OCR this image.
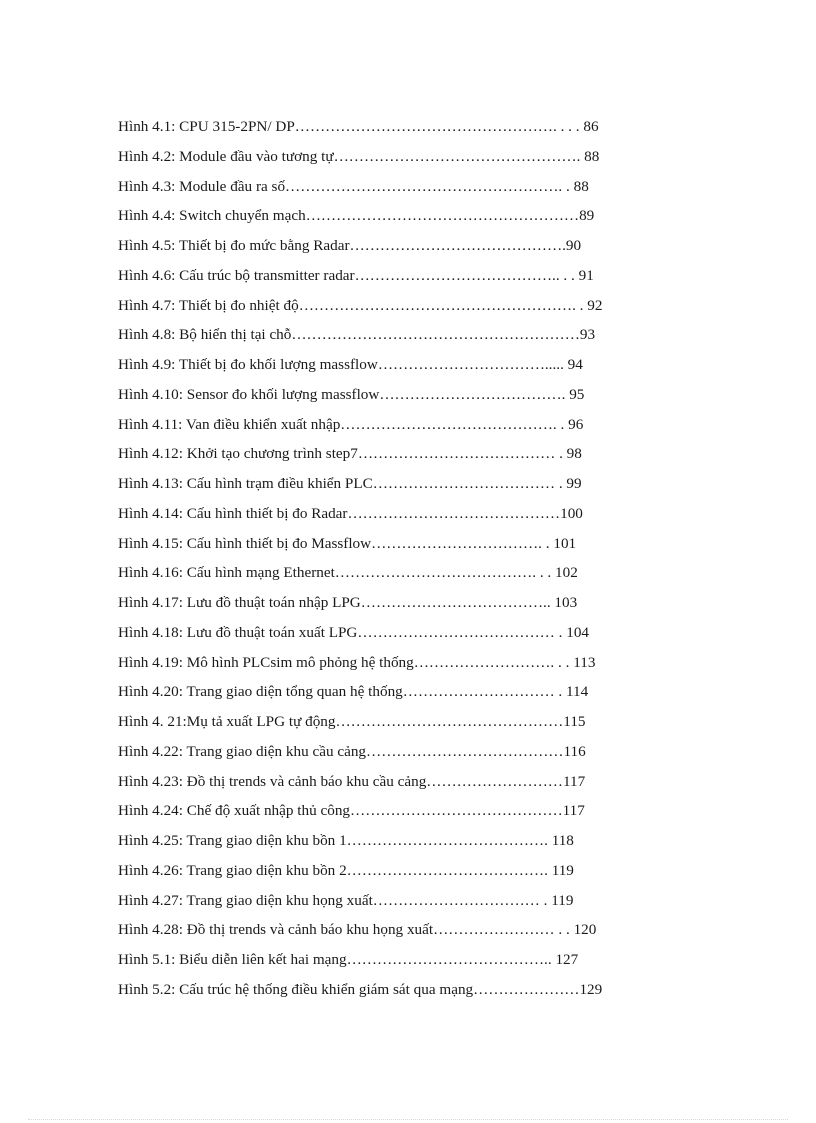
Hình 4.1: CPU 315-2PN/ DP……………………………………………. . . . 86
Hình 4.2: Module đầu vào tương tự…………………………………………. 88
Hình 4.3: Module đầu ra số………………………………………………. . 88
Hình 4.4: Switch chuyển mạch………………………………………………89
Hình 4.5: Thiết bị đo mức bằng Radar…………………………………….90
Hình 4.6: Cấu trúc bộ transmitter radar………………………………….. . . 91
Hình 4.7: Thiết bị đo nhiệt độ………………………………………………. . 92
Hình 4.8: Bộ hiển thị tại chỗ…………………………………………………93
Hình 4.9: Thiết bị đo khối lượng massflow……………………………..... 94
Hình 4.10: Sensor đo khối lượng massflow………………………………. 95
Hình 4.11: Van điều khiển xuất nhập……………………………………. . 96
Hình 4.12: Khởi tạo chương trình step7………………………………… . 98
Hình 4.13: Cấu hình trạm điều khiển PLC……………………………… . 99
Hình 4.14: Cấu hình thiết bị đo Radar……………………………………100
Hình 4.15: Cấu hình thiết bị đo Massflow……………………………. . 101
Hình 4.16: Cấu hình mạng Ethernet…………………………………. . . 102
Hình 4.17: Lưu đồ thuật toán nhập LPG……………………………….. 103
Hình 4.18: Lưu đồ thuật toán xuất LPG………………………………… . 104
Hình 4.19: Mô hình PLCsim mô phỏng hệ thống………………………. . . 113
Hình 4.20: Trang giao diện tổng quan hệ thống………………………… . 114
Hình 4. 21:Mụ tả xuất LPG tự động………………………………………115
Hình 4.22: Trang giao diện khu cầu cảng…………………………………116
Hình 4.23: Đồ thị trends và cảnh báo khu cầu cảng………………………117
Hình 4.24: Chế độ xuất nhập thủ công……………………………………117
Hình 4.25: Trang giao diện khu bồn 1…………………………………. 118
Hình 4.26: Trang giao diện khu bồn 2…………………………………. 119
Hình 4.27: Trang giao diện khu họng xuất…………………………… . 119
Hình 4.28: Đồ thị trends và cảnh báo khu họng xuất…………………… . . 120
Hình 5.1: Biểu diễn liên kết hai mạng………………………………….. 127
Hình 5.2: Cấu trúc hệ thống điều khiển giám sát qua mạng…………………129
